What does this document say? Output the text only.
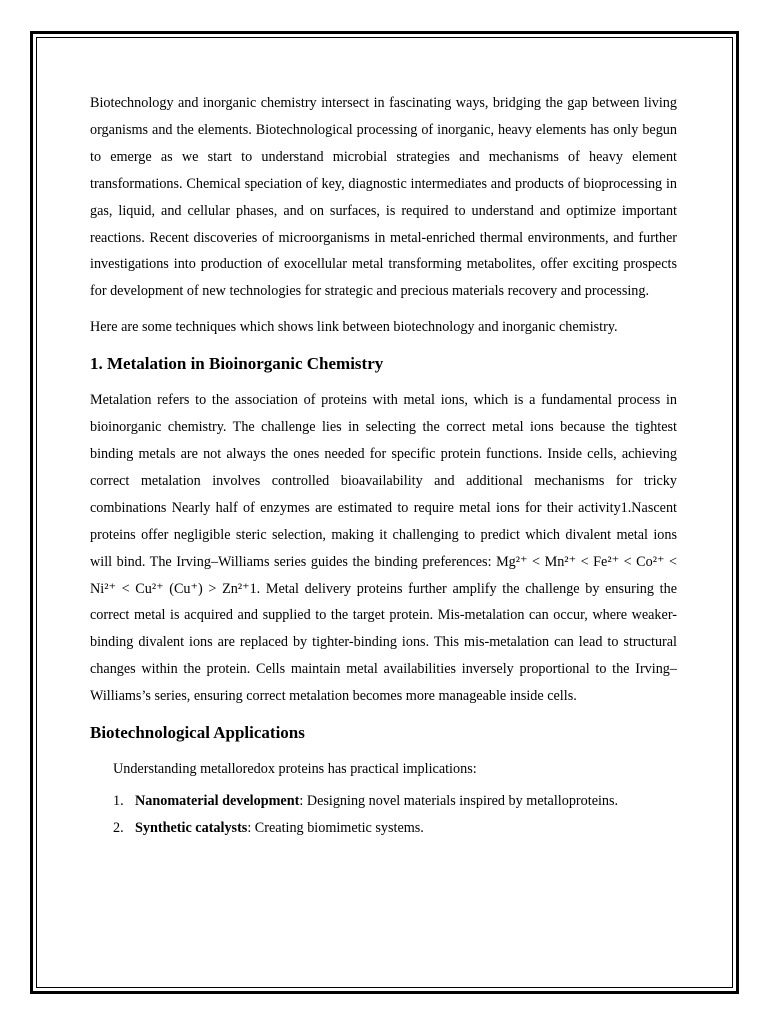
Biotechnology and inorganic chemistry intersect in fascinating ways, bridging the gap between living organisms and the elements. Biotechnological processing of inorganic, heavy elements has only begun to emerge as we start to understand microbial strategies and mechanisms of heavy element transformations. Chemical speciation of key, diagnostic intermediates and products of bioprocessing in gas, liquid, and cellular phases, and on surfaces, is required to understand and optimize important reactions. Recent discoveries of microorganisms in metal-enriched thermal environments, and further investigations into production of exocellular metal transforming metabolites, offer exciting prospects for development of new technologies for strategic and precious materials recovery and processing.

Here are some techniques which shows link between biotechnology and inorganic chemistry.

1. Metalation in Bioinorganic Chemistry

Metalation refers to the association of proteins with metal ions, which is a fundamental process in bioinorganic chemistry. The challenge lies in selecting the correct metal ions because the tightest binding metals are not always the ones needed for specific protein functions. Inside cells, achieving correct metalation involves controlled bioavailability and additional mechanisms for tricky combinations Nearly half of enzymes are estimated to require metal ions for their activity1.Nascent proteins offer negligible steric selection, making it challenging to predict which divalent metal ions will bind. The Irving–Williams series guides the binding preferences: Mg²⁺ < Mn²⁺ < Fe²⁺ < Co²⁺ < Ni²⁺ < Cu²⁺ (Cu⁺) > Zn²⁺1. Metal delivery proteins further amplify the challenge by ensuring the correct metal is acquired and supplied to the target protein. Mis-metalation can occur, where weaker-binding divalent ions are replaced by tighter-binding ions. This mis-metalation can lead to structural changes within the protein. Cells maintain metal availabilities inversely proportional to the Irving–Williams’s series, ensuring correct metalation becomes more manageable inside cells.

Biotechnological Applications

Understanding metalloredox proteins has practical implications:

1. Nanomaterial development: Designing novel materials inspired by metalloproteins.
2. Synthetic catalysts: Creating biomimetic systems.
